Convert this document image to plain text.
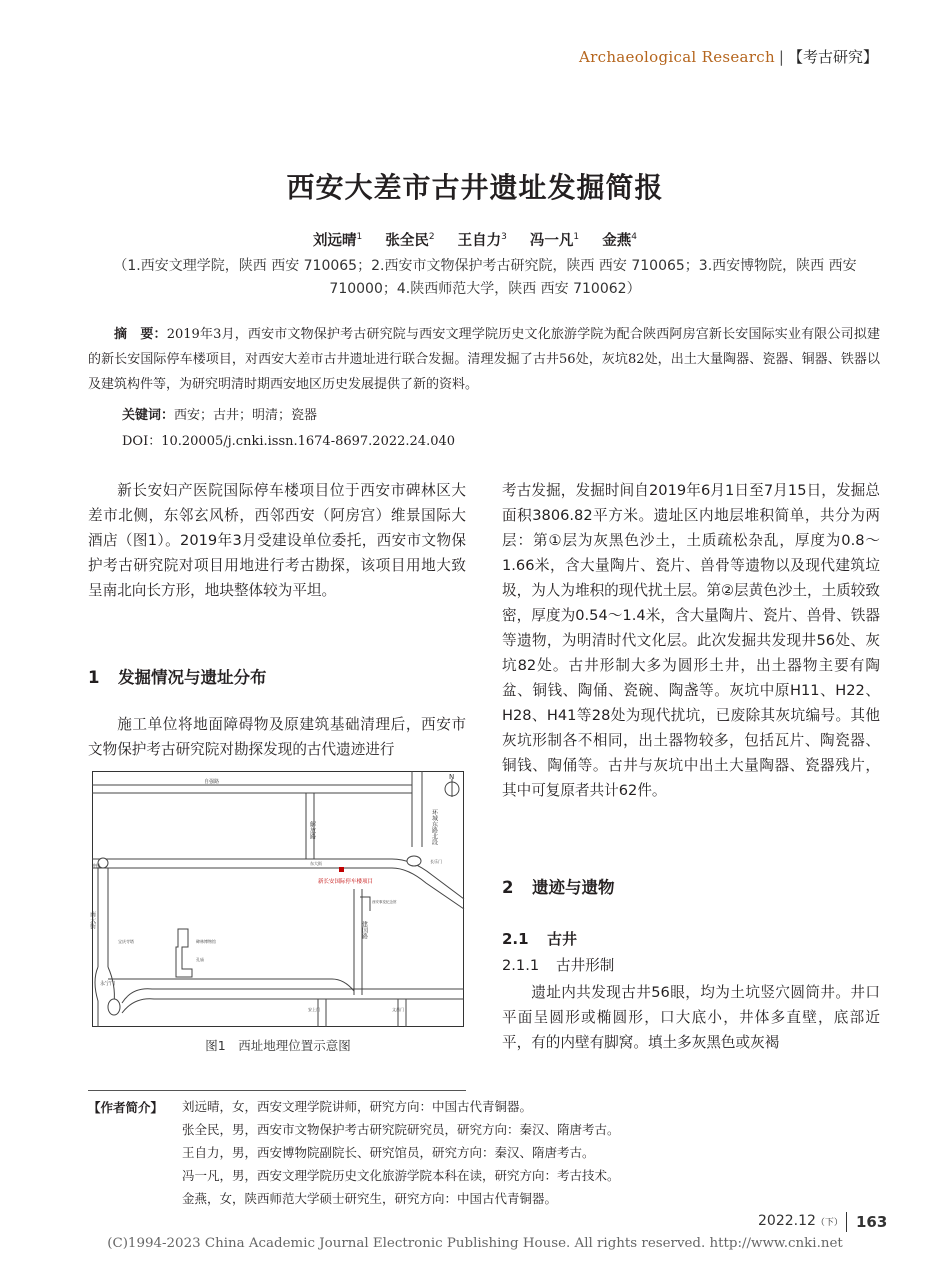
Archaeological Research | 【考古研究】
西安大差市古井遗址发掘简报
刘远晴$^1$ 张全民$^2$ 王自力$^3$ 冯一凡$^1$ 金燕$^4$
（1.西安文理学院，陕西 西安 710065；2.西安市文物保护考古研究院，陕西 西安 710065；3.西安博物院，陕西 西安 710000；4.陕西师范大学，陕西 西安 710062）
摘　要：2019年3月，西安市文物保护考古研究院与西安文理学院历史文化旅游学院为配合陕西阿房宫新长安国际实业有限公司拟建的新长安国际停车楼项目，对西安大差市古井遗址进行联合发掘。清理发掘了古井56处，灰坑82处，出土大量陶器、瓷器、铜器、铁器以及建筑构件等，为研究明清时期西安地区历史发展提供了新的资料。
关键词：西安；古井；明清；瓷器
DOI：10.20005/j.cnki.issn.1674-8697.2022.24.040

新长安妇产医院国际停车楼项目位于西安市碑林区大差市北侧，东邻玄风桥，西邻西安（阿房宫）维景国际大酒店（图1）。2019年3月受建设单位委托，西安市文物保护考古研究院对项目用地进行考古勘探，该项目用地大致呈南北向长方形，地块整体较为平坦。

1 发掘情况与遗址分布

施工单位将地面障碍物及原建筑基础清理后，西安市文物保护考古研究院对勘探发现的古代遗迹进行

N
自强路
解放路	环城东路北段
钟楼	东大街	长乐门
新长安国际停车楼项目
南大街
宝庆寺塔	碑林博物馆
孔庙
西安事变纪念馆
建国路
永宁门
安上门	文昌门
图1　西址地理位置示意图

考古发掘，发掘时间自2019年6月1日至7月15日，发掘总面积3806.82平方米。遗址区内地层堆积简单，共分为两层：第①层为灰黑色沙土，土质疏松杂乱，厚度为0.8～1.66米，含大量陶片、瓷片、兽骨等遗物以及现代建筑垃圾，为人为堆积的现代扰土层。第②层黄色沙土，土质较致密，厚度为0.54～1.4米，含大量陶片、瓷片、兽骨、铁器等遗物，为明清时代文化层。此次发掘共发现井56处、灰坑82处。古井形制大多为圆形土井，出土器物主要有陶盆、铜钱、陶俑、瓷碗、陶盏等。灰坑中原H11、H22、H28、H41等28处为现代扰坑，已废除其灰坑编号。其他灰坑形制各不相同，出土器物较多，包括瓦片、陶瓷器、铜钱、陶俑等。古井与灰坑中出土大量陶器、瓷器残片，其中可复原者共计62件。

2 遗迹与遗物
2.1 古井
2.1.1 古井形制

遗址内共发现古井56眼，均为土坑竖穴圆筒井。井口平面呈圆形或椭圆形，口大底小，井体多直壁，底部近平，有的内壁有脚窝。填土多灰黑色或灰褐

【作者简介】 刘远晴，女，西安文理学院讲师，研究方向：中国古代青铜器。
张全民，男，西安市文物保护考古研究院研究员，研究方向：秦汉、隋唐考古。
王自力，男，西安博物院副院长、研究馆员，研究方向：秦汉、隋唐考古。
冯一凡，男，西安文理学院历史文化旅游学院本科在读，研究方向：考古技术。
金燕，女，陕西师范大学硕士研究生，研究方向：中国古代青铜器。
2022.12（下） 163
(C)1994-2023 China Academic Journal Electronic Publishing House. All rights reserved. http://www.cnki.net
